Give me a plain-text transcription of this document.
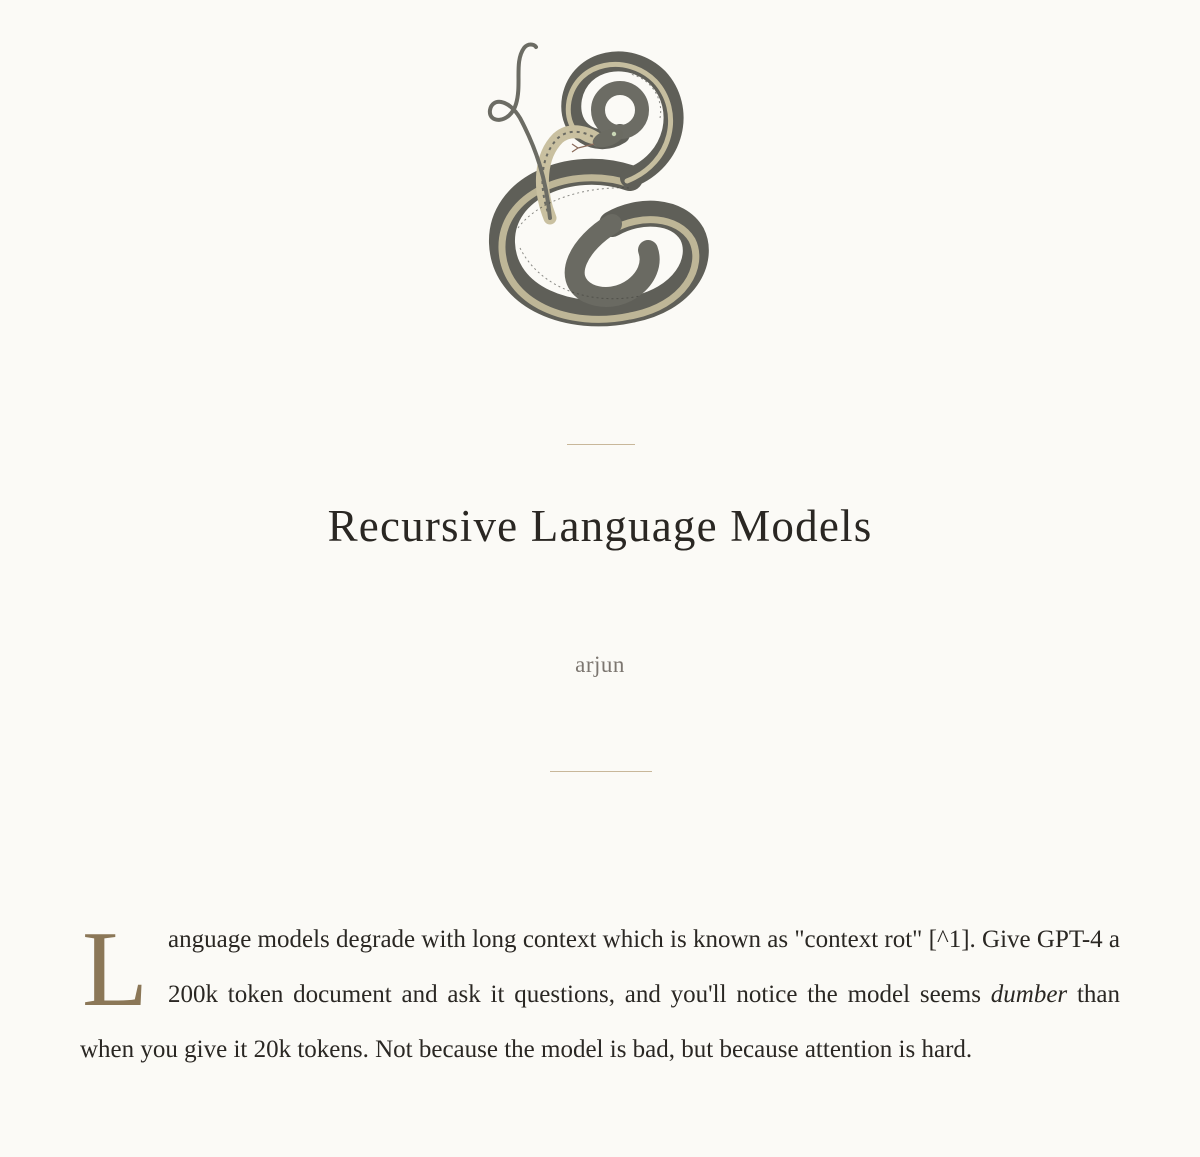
Recursive Language Models
arjun

Language models degrade with long context which is known as "context rot" [^1]. Give GPT-4 a 200k token document and ask it questions, and you'll notice the model seems dumber than when you give it 20k tokens. Not because the model is bad, but because attention is hard.
